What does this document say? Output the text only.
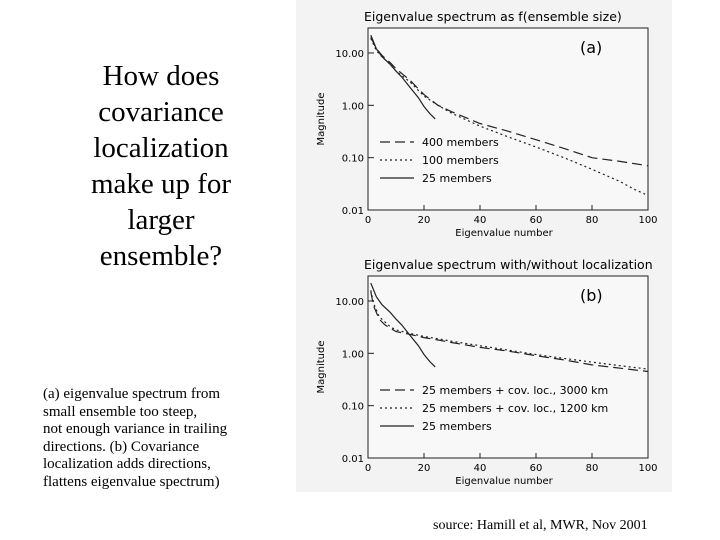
How does
covariance
localization
make up for
larger
ensemble?
(a) eigenvalue spectrum from
small ensemble too steep,
not enough variance in trailing
directions. (b) Covariance
localization adds directions,
flattens eigenvalue spectrum)
source: Hamill et al, MWR, Nov 2001
Eigenvalue spectrum as f(ensemble size)
(a)
0.01
0.10
1.00
10.00
0	20	40	60	80	100
Eigenvalue number
Magnitude	400 members
100 members
25 members
Eigenvalue spectrum with/without localization
(b)
0.01
0.10
1.00
10.00
0	20	40	60	80	100
Eigenvalue number
Magnitude	25 members + cov. loc., 3000 km
25 members + cov. loc., 1200 km
25 members
